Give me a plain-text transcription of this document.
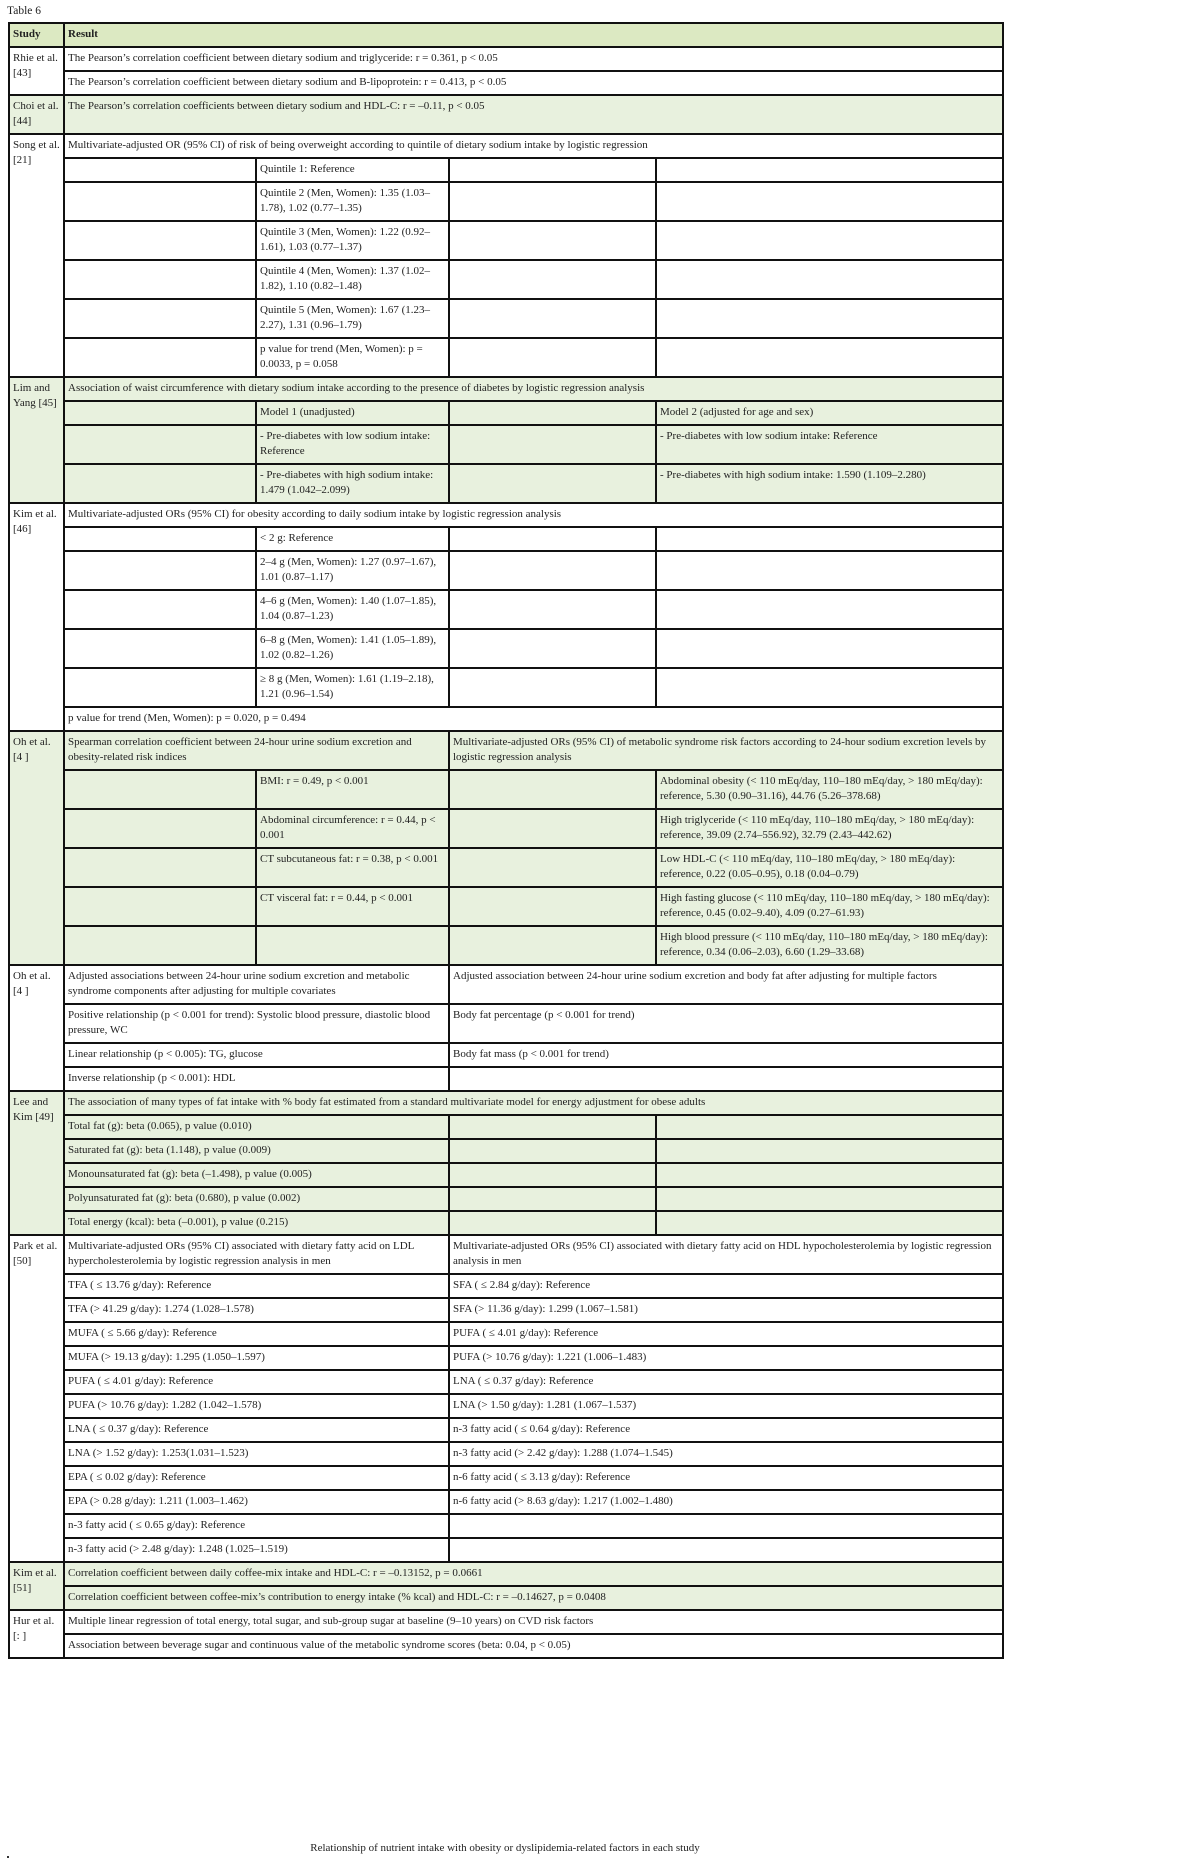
Table 6
Study	Result			
Rhie et al. [43]	The Pearson’s correlation coefficient between dietary sodium and triglyceride: r = 0.361, p < 0.05			
	The Pearson’s correlation coefficient between dietary sodium and B-lipoprotein: r = 0.413, p < 0.05			
Choi et al. [44]	The Pearson’s correlation coefficients between dietary sodium and HDL-C: r = –0.11, p < 0.05			
Song et al. [21]	Multivariate-adjusted OR (95% CI) of risk of being overweight according to quintile of dietary sodium intake by logistic regression			
		Quintile 1: Reference		
		Quintile 2 (Men, Women): 1.35 (1.03–1.78), 1.02 (0.77–1.35)		
		Quintile 3 (Men, Women): 1.22 (0.92–1.61), 1.03 (0.77–1.37)		
		Quintile 4 (Men, Women): 1.37 (1.02–1.82), 1.10 (0.82–1.48)		
		Quintile 5 (Men, Women): 1.67 (1.23–2.27), 1.31 (0.96–1.79)		
		p value for trend (Men, Women): p = 0.0033, p = 0.058		
Lim and Yang [45]	Association of waist circumference with dietary sodium intake according to the presence of diabetes by logistic regression analysis			
		Model 1 (unadjusted)		Model 2 (adjusted for age and sex)
		- Pre-diabetes with low sodium intake: Reference		- Pre-diabetes with low sodium intake: Reference
		- Pre-diabetes with high sodium intake: 1.479 (1.042–2.099)		- Pre-diabetes with high sodium intake: 1.590 (1.109–2.280)
Kim et al. [46]	Multivariate-adjusted ORs (95% CI) for obesity according to daily sodium intake by logistic regression analysis			
		< 2 g: Reference		
		2–4 g (Men, Women): 1.27 (0.97–1.67), 1.01 (0.87–1.17)		
		4–6 g (Men, Women): 1.40 (1.07–1.85), 1.04 (0.87–1.23)		
		6–8 g (Men, Women): 1.41 (1.05–1.89), 1.02 (0.82–1.26)		
		≥ 8 g (Men, Women): 1.61 (1.19–2.18), 1.21 (0.96–1.54)		
	p value for trend (Men, Women): p = 0.020, p = 0.494			
Oh et al. [4 ]	Spearman correlation coefficient between 24-hour urine sodium excretion and obesity-related risk indices		Multivariate-adjusted ORs (95% CI) of metabolic syndrome risk factors according to 24-hour sodium excretion levels by logistic regression analysis	
		BMI: r = 0.49, p < 0.001		Abdominal obesity (< 110 mEq/day, 110–180 mEq/day, > 180 mEq/day): reference, 5.30 (0.90–31.16), 44.76 (5.26–378.68)
		Abdominal circumference: r = 0.44, p < 0.001		High triglyceride (< 110 mEq/day, 110–180 mEq/day, > 180 mEq/day): reference, 39.09 (2.74–556.92), 32.79 (2.43–442.62)
		CT subcutaneous fat: r = 0.38, p < 0.001		Low HDL-C (< 110 mEq/day, 110–180 mEq/day, > 180 mEq/day): reference, 0.22 (0.05–0.95), 0.18 (0.04–0.79)
		CT visceral fat: r = 0.44, p < 0.001		High fasting glucose (< 110 mEq/day, 110–180 mEq/day, > 180 mEq/day): reference, 0.45 (0.02–9.40), 4.09 (0.27–61.93)
				High blood pressure (< 110 mEq/day, 110–180 mEq/day, > 180 mEq/day): reference, 0.34 (0.06–2.03), 6.60 (1.29–33.68)
Oh et al. [4 ]	Adjusted associations between 24-hour urine sodium excretion and metabolic syndrome components after adjusting for multiple covariates		Adjusted association between 24-hour urine sodium excretion and body fat after adjusting for multiple factors	
	Positive relationship (p < 0.001 for trend): Systolic blood pressure, diastolic blood pressure, WC		Body fat percentage (p < 0.001 for trend)	
	Linear relationship (p < 0.005): TG, glucose		Body fat mass (p < 0.001 for trend)	
	Inverse relationship (p < 0.001): HDL			
Lee and Kim [49]	The association of many types of fat intake with % body fat estimated from a standard multivariate model for energy adjustment for obese adults			
	Total fat (g): beta (0.065), p value (0.010)			
	Saturated fat (g): beta (1.148), p value (0.009)			
	Monounsaturated fat (g): beta (–1.498), p value (0.005)			
	Polyunsaturated fat (g): beta (0.680), p value (0.002)			
	Total energy (kcal): beta (–0.001), p value (0.215)			
Park et al. [50]	Multivariate-adjusted ORs (95% CI) associated with dietary fatty acid on LDL hypercholesterolemia by logistic regression analysis in men		Multivariate-adjusted ORs (95% CI) associated with dietary fatty acid on HDL hypocholesterolemia by logistic regression analysis in men	
	TFA ( ≤ 13.76 g/day): Reference		SFA ( ≤ 2.84 g/day): Reference	
	TFA (> 41.29 g/day): 1.274 (1.028–1.578)		SFA (> 11.36 g/day): 1.299 (1.067–1.581)	
	MUFA ( ≤ 5.66 g/day): Reference		PUFA ( ≤ 4.01 g/day): Reference	
	MUFA (> 19.13 g/day): 1.295 (1.050–1.597)		PUFA (> 10.76 g/day): 1.221 (1.006–1.483)	
	PUFA ( ≤ 4.01 g/day): Reference		LNA ( ≤ 0.37 g/day): Reference	
	PUFA (> 10.76 g/day): 1.282 (1.042–1.578)		LNA (> 1.50 g/day): 1.281 (1.067–1.537)	
	LNA ( ≤ 0.37 g/day): Reference		n-3 fatty acid ( ≤ 0.64 g/day): Reference	
	LNA (> 1.52 g/day): 1.253(1.031–1.523)		n-3 fatty acid (> 2.42 g/day): 1.288 (1.074–1.545)	
	EPA ( ≤ 0.02 g/day): Reference		n-6 fatty acid ( ≤ 3.13 g/day): Reference	
	EPA (> 0.28 g/day): 1.211 (1.003–1.462)		n-6 fatty acid (> 8.63 g/day): 1.217 (1.002–1.480)	
	n-3 fatty acid ( ≤ 0.65 g/day): Reference			
	n-3 fatty acid (> 2.48 g/day): 1.248 (1.025–1.519)			
Kim et al. [51]	Correlation coefficient between daily coffee-mix intake and HDL-C: r = –0.13152, p = 0.0661			
	Correlation coefficient between coffee-mix’s contribution to energy intake (% kcal) and HDL-C: r = –0.14627, p = 0.0408			
Hur et al. [: ]	Multiple linear regression of total energy, total sugar, and sub-group sugar at baseline (9–10 years) on CVD risk factors			
	Association between beverage sugar and continuous value of the metabolic syndrome scores (beta: 0.04, p < 0.05)			
Relationship of nutrient intake with obesity or dyslipidemia-related factors in each study
